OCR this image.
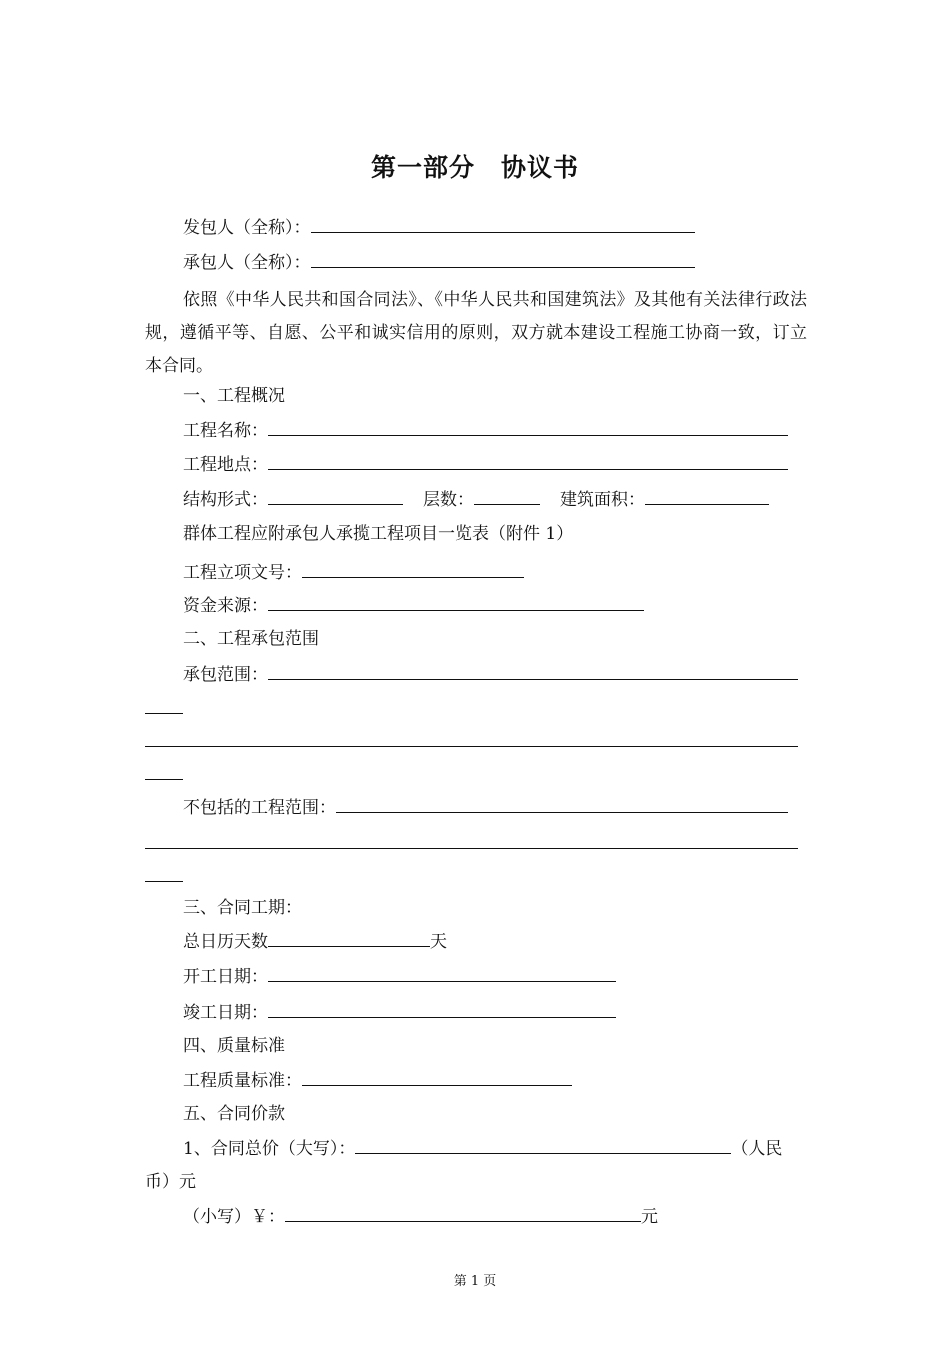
第一部分　协议书
发包人（全称）：
承包人（全称）：
依照《中华人民共和国合同法》、《中华人民共和国建筑法》及其他有关法律行政法规，遵循平等、自愿、公平和诚实信用的原则，双方就本建设工程施工协商一致，订立本合同。
一、工程概况
工程名称：
工程地点：
结构形式：	层数：	建筑面积：
群体工程应附承包人承揽工程项目一览表（附件 1）
工程立项文号：
资金来源：
二、工程承包范围
承包范围：
不包括的工程范围：
三、合同工期：
总日历天数	天
开工日期：
竣工日期：
四、质量标准
工程质量标准：
五、合同价款
1、合同总价（大写）：	（人民
币）元
（小写）￥：	元
第 1 页
